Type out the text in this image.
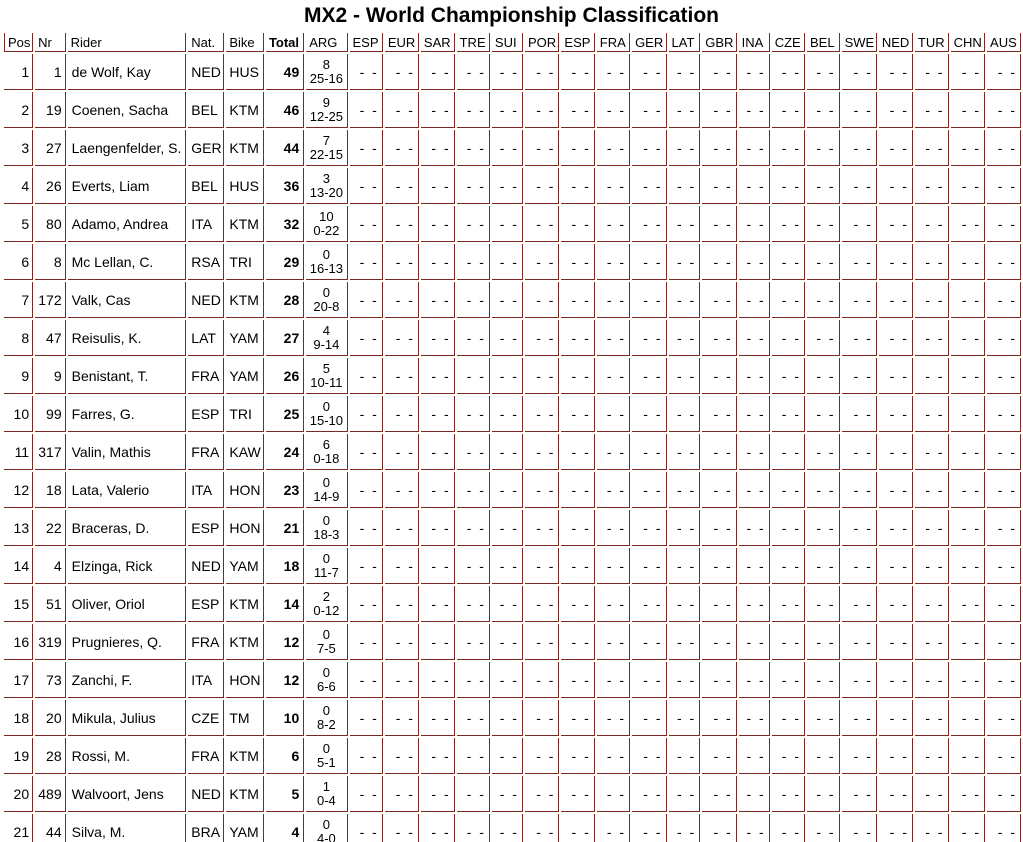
MX2 - World Championship Classification
Pos	Nr	Rider	Nat.	Bike	Total	ARG	ESP	EUR	SAR	TRE	SUI	POR	ESP	FRA	GER	LAT	GBR	INA	CZE	BEL	SWE	NED	TUR	CHN	AUS
1	1	de Wolf, Kay	NED	HUS	49	8
25-16	- -	- -	- -	- -	- -	- -	- -	- -	- -	- -	- -	- -	- -	- -	- -	- -	- -	- -	- -
2	19	Coenen, Sacha	BEL	KTM	46	9
12-25	- -	- -	- -	- -	- -	- -	- -	- -	- -	- -	- -	- -	- -	- -	- -	- -	- -	- -	- -
3	27	Laengenfelder, S.	GER	KTM	44	7
22-15	- -	- -	- -	- -	- -	- -	- -	- -	- -	- -	- -	- -	- -	- -	- -	- -	- -	- -	- -
4	26	Everts, Liam	BEL	HUS	36	3
13-20	- -	- -	- -	- -	- -	- -	- -	- -	- -	- -	- -	- -	- -	- -	- -	- -	- -	- -	- -
5	80	Adamo, Andrea	ITA	KTM	32	10
0-22	- -	- -	- -	- -	- -	- -	- -	- -	- -	- -	- -	- -	- -	- -	- -	- -	- -	- -	- -
6	8	Mc Lellan, C.	RSA	TRI	29	0
16-13	- -	- -	- -	- -	- -	- -	- -	- -	- -	- -	- -	- -	- -	- -	- -	- -	- -	- -	- -
7	172	Valk, Cas	NED	KTM	28	0
20-8	- -	- -	- -	- -	- -	- -	- -	- -	- -	- -	- -	- -	- -	- -	- -	- -	- -	- -	- -
8	47	Reisulis, K.	LAT	YAM	27	4
9-14	- -	- -	- -	- -	- -	- -	- -	- -	- -	- -	- -	- -	- -	- -	- -	- -	- -	- -	- -
9	9	Benistant, T.	FRA	YAM	26	5
10-11	- -	- -	- -	- -	- -	- -	- -	- -	- -	- -	- -	- -	- -	- -	- -	- -	- -	- -	- -
10	99	Farres, G.	ESP	TRI	25	0
15-10	- -	- -	- -	- -	- -	- -	- -	- -	- -	- -	- -	- -	- -	- -	- -	- -	- -	- -	- -
11	317	Valin, Mathis	FRA	KAW	24	6
0-18	- -	- -	- -	- -	- -	- -	- -	- -	- -	- -	- -	- -	- -	- -	- -	- -	- -	- -	- -
12	18	Lata, Valerio	ITA	HON	23	0
14-9	- -	- -	- -	- -	- -	- -	- -	- -	- -	- -	- -	- -	- -	- -	- -	- -	- -	- -	- -
13	22	Braceras, D.	ESP	HON	21	0
18-3	- -	- -	- -	- -	- -	- -	- -	- -	- -	- -	- -	- -	- -	- -	- -	- -	- -	- -	- -
14	4	Elzinga, Rick	NED	YAM	18	0
11-7	- -	- -	- -	- -	- -	- -	- -	- -	- -	- -	- -	- -	- -	- -	- -	- -	- -	- -	- -
15	51	Oliver, Oriol	ESP	KTM	14	2
0-12	- -	- -	- -	- -	- -	- -	- -	- -	- -	- -	- -	- -	- -	- -	- -	- -	- -	- -	- -
16	319	Prugnieres, Q.	FRA	KTM	12	0
7-5	- -	- -	- -	- -	- -	- -	- -	- -	- -	- -	- -	- -	- -	- -	- -	- -	- -	- -	- -
17	73	Zanchi, F.	ITA	HON	12	0
6-6	- -	- -	- -	- -	- -	- -	- -	- -	- -	- -	- -	- -	- -	- -	- -	- -	- -	- -	- -
18	20	Mikula, Julius	CZE	TM	10	0
8-2	- -	- -	- -	- -	- -	- -	- -	- -	- -	- -	- -	- -	- -	- -	- -	- -	- -	- -	- -
19	28	Rossi, M.	FRA	KTM	6	0
5-1	- -	- -	- -	- -	- -	- -	- -	- -	- -	- -	- -	- -	- -	- -	- -	- -	- -	- -	- -
20	489	Walvoort, Jens	NED	KTM	5	1
0-4	- -	- -	- -	- -	- -	- -	- -	- -	- -	- -	- -	- -	- -	- -	- -	- -	- -	- -	- -
21	44	Silva, M.	BRA	YAM	4	0
4-0	- -	- -	- -	- -	- -	- -	- -	- -	- -	- -	- -	- -	- -	- -	- -	- -	- -	- -	- -
